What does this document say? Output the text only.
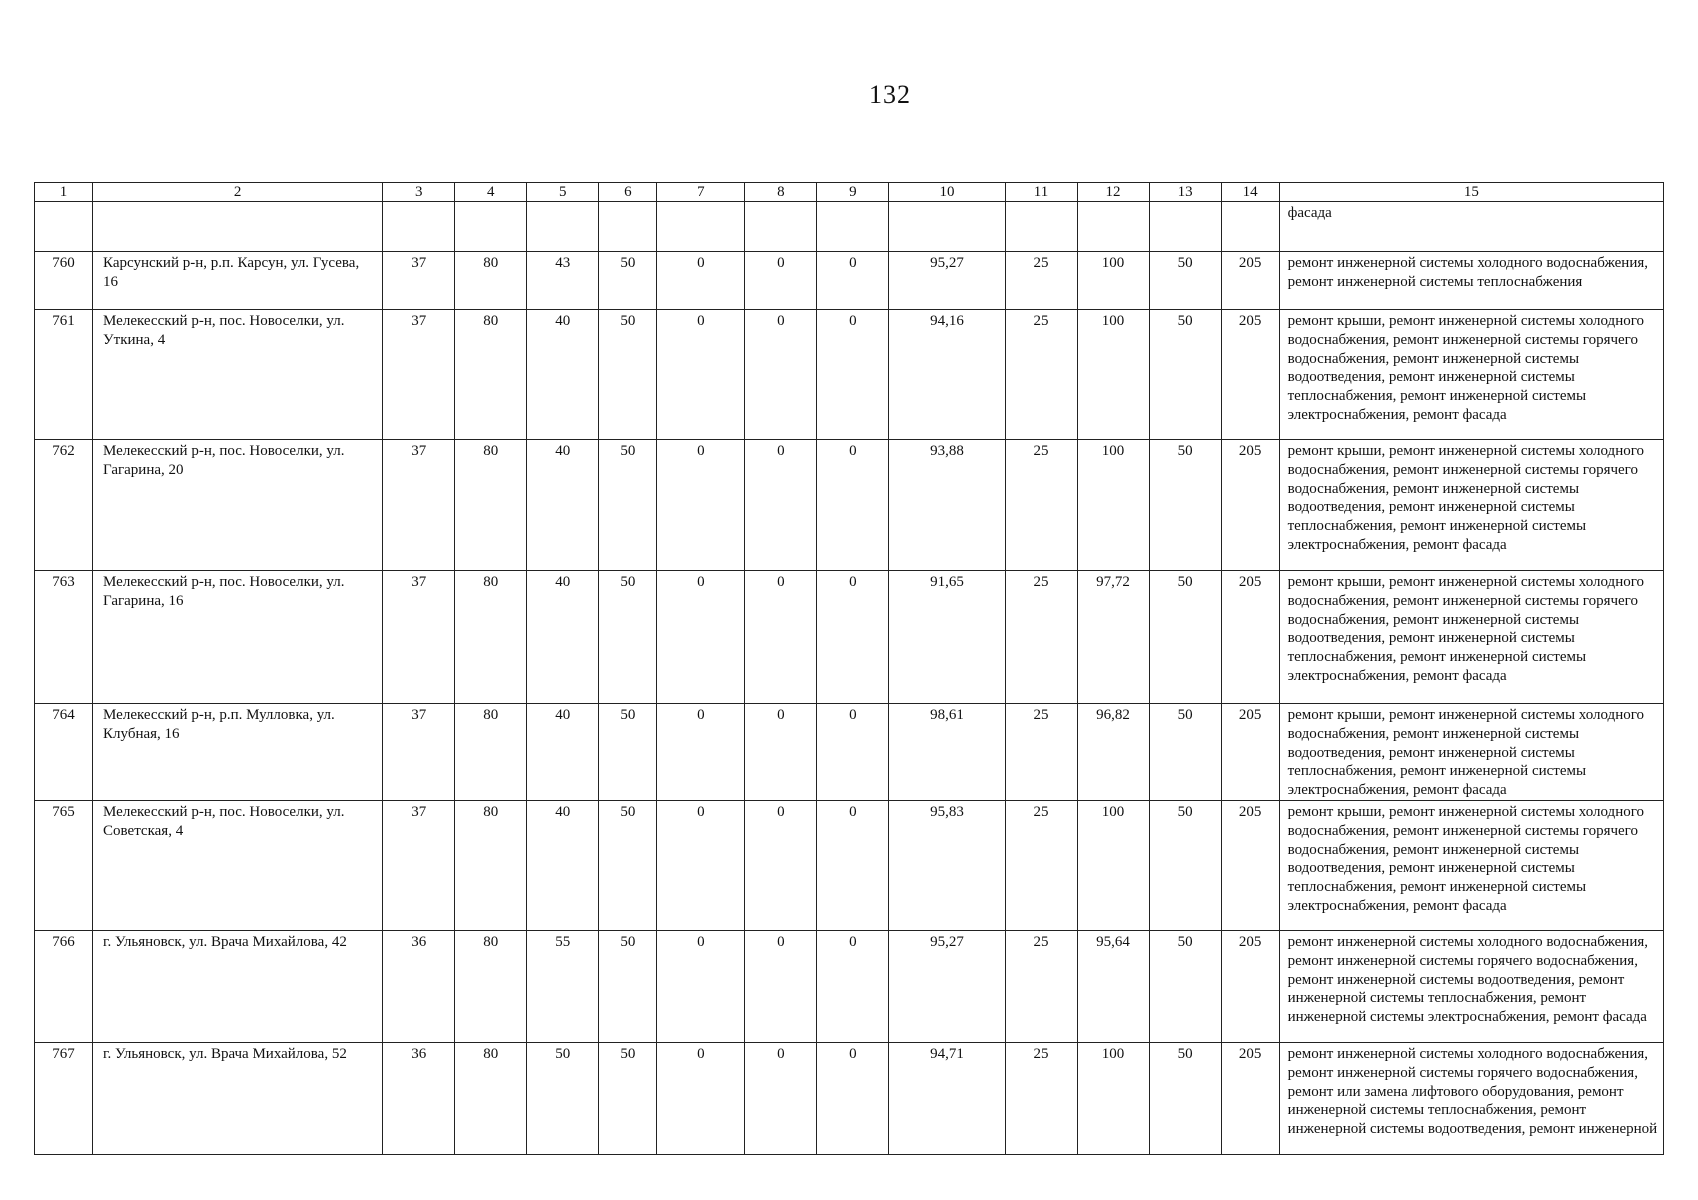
132
1	2	3	4	5	6	7	8	9	10	11	12	13	14	15
														фасада
760	Карсунский р-н, р.п. Карсун, ул. Гусева, 16	37	80	43	50	0	0	0	95,27	25	100	50	205	ремонт инженерной системы холодного водоснабжения, ремонт инженерной системы теплоснабжения
761	Мелекесский р-н, пос. Новоселки, ул. Уткина, 4	37	80	40	50	0	0	0	94,16	25	100	50	205	ремонт крыши, ремонт инженерной системы холодного водоснабжения, ремонт инженерной системы горячего водоснабжения, ремонт инженерной системы водоотведения, ремонт инженерной системы теплоснабжения, ремонт инженерной системы электроснабжения, ремонт фасада
762	Мелекесский р-н, пос. Новоселки, ул. Гагарина, 20	37	80	40	50	0	0	0	93,88	25	100	50	205	ремонт крыши, ремонт инженерной системы холодного водоснабжения, ремонт инженерной системы горячего водоснабжения, ремонт инженерной системы водоотведения, ремонт инженерной системы теплоснабжения, ремонт инженерной системы электроснабжения, ремонт фасада
763	Мелекесский р-н, пос. Новоселки, ул. Гагарина, 16	37	80	40	50	0	0	0	91,65	25	97,72	50	205	ремонт крыши, ремонт инженерной системы холодного водоснабжения, ремонт инженерной системы горячего водоснабжения, ремонт инженерной системы водоотведения, ремонт инженерной системы теплоснабжения, ремонт инженерной системы электроснабжения, ремонт фасада
764	Мелекесский р-н, р.п. Мулловка, ул. Клубная, 16	37	80	40	50	0	0	0	98,61	25	96,82	50	205	ремонт крыши, ремонт инженерной системы холодного водоснабжения, ремонт инженерной системы водоотведения, ремонт инженерной системы теплоснабжения, ремонт инженерной системы электроснабжения, ремонт фасада
765	Мелекесский р-н, пос. Новоселки, ул. Советская, 4	37	80	40	50	0	0	0	95,83	25	100	50	205	ремонт крыши, ремонт инженерной системы холодного водоснабжения, ремонт инженерной системы горячего водоснабжения, ремонт инженерной системы водоотведения, ремонт инженерной системы теплоснабжения, ремонт инженерной системы электроснабжения, ремонт фасада
766	г. Ульяновск, ул. Врача Михайлова, 42	36	80	55	50	0	0	0	95,27	25	95,64	50	205	ремонт инженерной системы холодного водоснабжения, ремонт инженерной системы горячего водоснабжения, ремонт инженерной системы водоотведения, ремонт инженерной системы теплоснабжения, ремонт инженерной системы электроснабжения, ремонт фасада
767	г. Ульяновск, ул. Врача Михайлова, 52	36	80	50	50	0	0	0	94,71	25	100	50	205	ремонт инженерной системы холодного водоснабжения, ремонт инженерной системы горячего водоснабжения, ремонт или замена лифтового оборудования, ремонт инженерной системы теплоснабжения, ремонт инженерной системы водоотведения, ремонт инженерной
